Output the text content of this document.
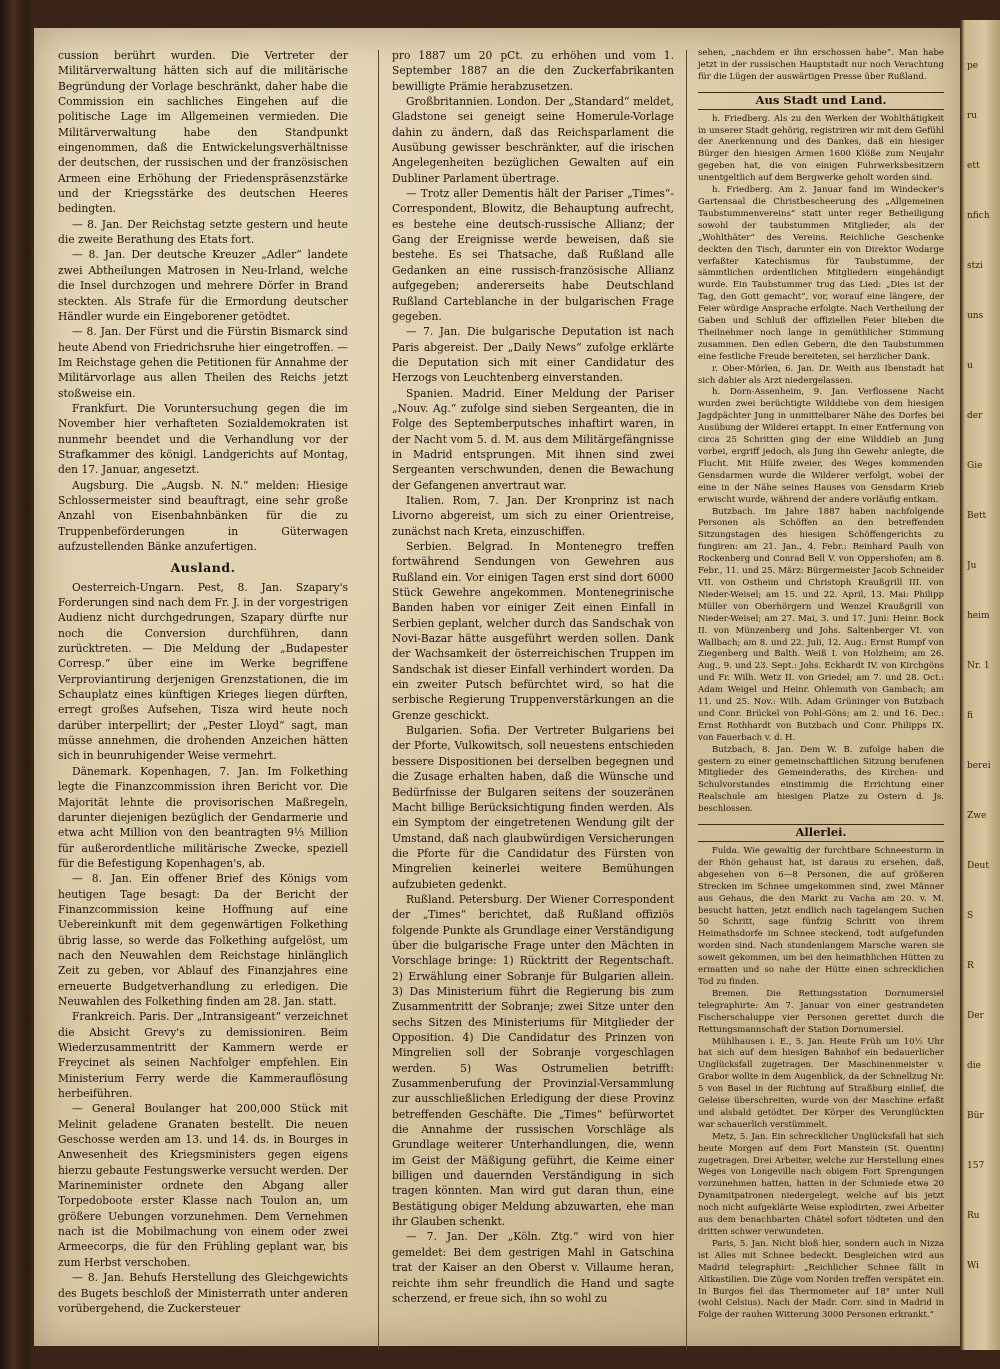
pe
ru
ett
nfich
stzi
uns
u
der
Gie
Bett
Ju
heim
Nr. 1
fi
berei
Zwe
Deut
S
R
Der
die
Bür
157
Ru
Wi

cussion berührt wurden. Die Vertreter der Militärverwaltung hätten sich auf die militärische Begründung der Vorlage beschränkt, daher habe die Commission ein sachliches Eingehen auf die politische Lage im Allgemeinen vermieden. Die Militärverwaltung habe den Standpunkt eingenommen, daß die Entwickelungsverhältnisse der deutschen, der russischen und der französischen Armeen eine Erhöhung der Friedenspräsenzstärke und der Kriegsstärke des deutschen Heeres bedingten.

— 8. Jan. Der Reichstag setzte gestern und heute die zweite Berathung des Etats fort.

— 8. Jan. Der deutsche Kreuzer „Adler“ landete zwei Abtheilungen Matrosen in Neu-Irland, welche die Insel durchzogen und mehrere Dörfer in Brand steckten. Als Strafe für die Ermordung deutscher Händler wurde ein Eingeborener getödtet.

— 8. Jan. Der Fürst und die Fürstin Bismarck sind heute Abend von Friedrichsruhe hier eingetroffen. — Im Reichstage gehen die Petitionen für Annahme der Militärvorlage aus allen Theilen des Reichs jetzt stoßweise ein.

Frankfurt. Die Voruntersuchung gegen die im November hier verhafteten Sozialdemokraten ist nunmehr beendet und die Verhandlung vor der Strafkammer des königl. Landgerichts auf Montag, den 17. Januar, angesetzt.

Augsburg. Die „Augsb. N. N.“ melden: Hiesige Schlossermeister sind beauftragt, eine sehr große Anzahl von Eisenbahnbänken für die zu Truppenbeförderungen in Güterwagen aufzustellenden Bänke anzufertigen.

Ausland.

Oesterreich-Ungarn. Pest, 8. Jan. Szapary's Forderungen sind nach dem Fr. J. in der vorgestrigen Audienz nicht durchgedrungen, Szapary dürfte nur noch die Conversion durchführen, dann zurücktreten. — Die Meldung der „Budapester Corresp.“ über eine im Werke begriffene Verproviantirung derjenigen Grenzstationen, die im Schauplatz eines künftigen Krieges liegen dürften, erregt großes Aufsehen, Tisza wird heute noch darüber interpellirt; der „Pester Lloyd“ sagt, man müsse annehmen, die drohenden Anzeichen hätten sich in beunruhigender Weise vermehrt.

Dänemark. Kopenhagen, 7. Jan. Im Folkething legte die Finanzcommission ihren Bericht vor. Die Majorität lehnte die provisorischen Maßregeln, darunter diejenigen bezüglich der Gendarmerie und etwa acht Million von den beantragten 9⅓ Million für außerordentliche militärische Zwecke, speziell für die Befestigung Kopenhagen's, ab.

— 8. Jan. Ein offener Brief des Königs vom heutigen Tage besagt: Da der Bericht der Finanzcommission keine Hoffnung auf eine Uebereinkunft mit dem gegenwärtigen Folkething übrig lasse, so werde das Folkething aufgelöst, um nach den Neuwahlen dem Reichstage hinlänglich Zeit zu geben, vor Ablauf des Finanzjahres eine erneuerte Budgetverhandlung zu erledigen. Die Neuwahlen des Folkething finden am 28. Jan. statt.

Frankreich. Paris. Der „Intransigeant“ verzeichnet die Absicht Grevy's zu demissioniren. Beim Wiederzusammentritt der Kammern werde er Freycinet als seinen Nachfolger empfehlen. Ein Ministerium Ferry werde die Kammerauflösung herbeiführen.

— General Boulanger hat 200,000 Stück mit Melinit geladene Granaten bestellt. Die neuen Geschosse werden am 13. und 14. ds. in Bourges in Anwesenheit des Kriegsministers gegen eigens hierzu gebaute Festungswerke versucht werden. Der Marineminister ordnete den Abgang aller Torpedoboote erster Klasse nach Toulon an, um größere Uebungen vorzunehmen. Dem Vernehmen nach ist die Mobilmachung von einem oder zwei Armeecorps, die für den Frühling geplant war, bis zum Herbst verschoben.

— 8. Jan. Behufs Herstellung des Gleichgewichts des Bugets beschloß der Ministerrath unter anderen vorübergehend, die Zuckersteuer

pro 1887 um 20 pCt. zu erhöhen und vom 1. September 1887 an die den Zuckerfabrikanten bewilligte Prämie herabzusetzen.

Großbritannien. London. Der „Standard“ meldet, Gladstone sei geneigt seine Homerule-Vorlage dahin zu ändern, daß das Reichsparlament die Ausübung gewisser beschränkter, auf die irischen Angelegenheiten bezüglichen Gewalten auf ein Dubliner Parlament übertrage.

— Trotz aller Dementis hält der Pariser „Times“-Correspondent, Blowitz, die Behauptung aufrecht, es bestehe eine deutsch-russische Allianz; der Gang der Ereignisse werde beweisen, daß sie bestehe. Es sei Thatsache, daß Rußland alle Gedanken an eine russisch-französische Allianz aufgegeben; andererseits habe Deutschland Rußland Carteblanche in der bulgarischen Frage gegeben.

— 7. Jan. Die bulgarische Deputation ist nach Paris abgereist. Der „Daily News“ zufolge erklärte die Deputation sich mit einer Candidatur des Herzogs von Leuchtenberg einverstanden.

Spanien. Madrid. Einer Meldung der Pariser „Nouv. Ag.“ zufolge sind sieben Sergeanten, die in Folge des Septemberputsches inhaftirt waren, in der Nacht vom 5. d. M. aus dem Militärgefängnisse in Madrid entsprungen. Mit ihnen sind zwei Sergeanten verschwunden, denen die Bewachung der Gefangenen anvertraut war.

Italien. Rom, 7. Jan. Der Kronprinz ist nach Livorno abgereist, um sich zu einer Orientreise, zunächst nach Kreta, einzuschiffen.

Serbien. Belgrad. In Montenegro treffen fortwährend Sendungen von Gewehren aus Rußland ein. Vor einigen Tagen erst sind dort 6000 Stück Gewehre angekommen. Montenegrinische Banden haben vor einiger Zeit einen Einfall in Serbien geplant, welcher durch das Sandschak von Novi-Bazar hätte ausgeführt werden sollen. Dank der Wachsamkeit der österreichischen Truppen im Sandschak ist dieser Einfall verhindert worden. Da ein zweiter Putsch befürchtet wird, so hat die serbische Regierung Truppenverstärkungen an die Grenze geschickt.

Bulgarien. Sofia. Der Vertreter Bulgariens bei der Pforte, Vulkowitsch, soll neuestens entschieden bessere Dispositionen bei derselben begegnen und die Zusage erhalten haben, daß die Wünsche und Bedürfnisse der Bulgaren seitens der souzeränen Macht billige Berücksichtigung finden werden. Als ein Symptom der eingetretenen Wendung gilt der Umstand, daß nach glaubwürdigen Versicherungen die Pforte für die Candidatur des Fürsten von Mingrelien keinerlei weitere Bemühungen aufzubieten gedenkt.

Rußland. Petersburg. Der Wiener Correspondent der „Times“ berichtet, daß Rußland offiziös folgende Punkte als Grundlage einer Verständigung über die bulgarische Frage unter den Mächten in Vorschlage bringe: 1) Rücktritt der Regentschaft. 2) Erwählung einer Sobranje für Bulgarien allein. 3) Das Ministerium führt die Regierung bis zum Zusammentritt der Sobranje; zwei Sitze unter den sechs Sitzen des Ministeriums für Mitglieder der Opposition. 4) Die Candidatur des Prinzen von Mingrelien soll der Sobranje vorgeschlagen werden. 5) Was Ostrumelien betrifft: Zusammenberufung der Provinzial-Versammlung zur ausschließlichen Erledigung der diese Provinz betreffenden Geschäfte. Die „Times“ befürwortet die Annahme der russischen Vorschläge als Grundlage weiterer Unterhandlungen, die, wenn im Geist der Mäßigung geführt, die Keime einer billigen und dauernden Verständigung in sich tragen könnten. Man wird gut daran thun, eine Bestätigung obiger Meldung abzuwarten, ehe man ihr Glauben schenkt.

— 7. Jan. Der „Köln. Ztg.“ wird von hier gemeldet: Bei dem gestrigen Mahl in Gatschina trat der Kaiser an den Oberst v. Villaume heran, reichte ihm sehr freundlich die Hand und sagte scherzend, er freue sich, ihn so wohl zu

sehen, „nachdem er ihn erschossen habe“. Man habe jetzt in der russischen Hauptstadt nur noch Verachtung für die Lügen der auswärtigen Presse über Rußland.

Aus Stadt und Land.

h. Friedberg. Als zu den Werken der Wohlthätigkeit in unserer Stadt gehörig, registriren wir mit dem Gefühl der Anerkennung und des Dankes, daß ein hiesiger Bürger den hiesigen Armen 1600 Klöße zum Neujahr gegeben hat, die von einigen Fuhrwerksbesitzern unentgeltlich auf dem Bergwerke geholt worden sind.

h. Friedberg. Am 2. Januar fand im Windecker's Gartensaal die Christbescheerung des „Allgemeinen Taubstummenvereins“ statt unter reger Betheiligung sowohl der taubstummen Mitglieder, als der „Wohlthäter“ des Vereins. Reichliche Geschenke deckten den Tisch, darunter ein von Direktor Wodarge verfaßter Katechismus für Taubstumme, der sämmtlichen ordentlichen Mitgliedern eingehändigt wurde. Ein Taubstummer trug das Lied: „Dies ist der Tag, den Gott gemacht“, vor, worauf eine längere, der Feier würdige Ansprache erfolgte. Nach Vertheilung der Gaben und Schluß der offiziellen Feier blieben die Theilnehmer noch lange in gemüthlicher Stimmung zusammen. Den edlen Gebern, die den Taubstummen eine festliche Freude bereiteten, sei herzlicher Dank.

r. Ober-Mörlen, 6. Jan. Dr. Weith aus Ibenstadt hat sich dahier als Arzt niedergelassen.

h. Dorn-Assenheim, 9. Jan. Verflossene Nacht wurden zwei berüchtigte Wilddiebe von dem hiesigen Jagdpächter Jung in unmittelbarer Nähe des Dorfes bei Ausübung der Wilderei ertappt. In einer Entfernung von circa 25 Schritten ging der eine Wilddieb an Jung vorbei, ergriff jedoch, als Jung ihn Gewehr anlegte, die Flucht. Mit Hülfe zweier, des Weges kommenden Gensdarmen wurde die Wilderer verfolgt, wobei der eine in der Nähe seines Hauses von Gensdarm Krieb erwischt wurde, während der andere vorläufig entkam.

Butzbach. Im Jahre 1887 haben nachfolgende Personen als Schöffen an den betreffenden Sitzungstagen des hiesigen Schöffengerichts zu fungiren: am 21. Jan., 4. Febr.: Reinhard Paulh von Rockenberg und Conrad Bell V. von Oppershofen; am 8. Febr., 11. und 25. März: Bürgermeister Jacob Schneider VII. von Ostheim und Christoph Kraußgrill III. von Nieder-Weisel; am 15. und 22. April, 13. Mai: Philipp Müller von Oberhörgern und Wenzel Kraußgrill von Nieder-Weisel; am 27. Mai, 3. und 17. Juni: Heinr. Bock II. von Münzenberg und Johs. Saltenberger VI. von Wallbach; am 8. und 22. Juli, 12. Aug.: Ernst Rumpf von Ziegenberg und Balth. Weiß I. von Holzheim; am 26. Aug., 9. und 23. Sept.: Johs. Eckhardt IV. von Kirchgöns und Fr. Wilh. Wetz II. von Griedel; am 7. und 28. Oct.: Adam Weigel und Heinr. Ohlemuth von Gambach; am 11. und 25. Nov.: Wilh. Adam Grüninger von Butzbach und Conr. Brückel von Pohl-Göns; am 2. und 16. Dec.: Ernst Rothhardt von Butzbach und Conr. Philipps IX. von Fauerbach v. d. H.

Butzbach, 8. Jan. Dem W. B. zufolge haben die gestern zu einer gemeinschaftlichen Sitzung berufenen Mitglieder des Gemeinderaths, des Kirchen- und Schulvorstandes einstimmig die Errichtung einer Realschule am hiesigen Platze zu Ostern d. Js. beschlossen.

Allerlei.

Fulda. Wie gewaltig der furchtbare Schneesturm in der Rhön gehaust hat, ist daraus zu ersehen, daß, abgesehen von 6—8 Personen, die auf größeren Strecken im Schnee umgekommen sind, zwei Männer aus Gehaus, die den Markt zu Vacha am 20. v. M. besucht hatten, jetzt endlich nach tagelangem Suchen 50 Schritt, sage fünfzig Schritt von ihrem Heimathsdorfe im Schnee steckend, todt aufgefunden worden sind. Nach stundenlangem Marsche waren sie soweit gekommen, um bei den heimathlichen Hütten zu ermatten und so nahe der Hütte einen schrecklichen Tod zu finden.

Bremen. Die Rettungsstation Dornumersiel telegraphirte: Am 7. Januar von einer gestrandeten Fischerschaluppe vier Personen gerettet durch die Rettungsmannschaft der Station Dornumersiel.

Mühlhausen i. E., 5. Jan. Heute Früh um 10½ Uhr hat sich auf dem hiesigen Bahnhof ein bedauerlicher Unglücksfall zugetragen. Der Maschinenmeister v. Grabor wollte in dem Augenblick, da der Schnellzug Nr. 5 von Basel in der Richtung auf Straßburg einlief, die Geleise überschreiten, wurde von der Maschine erfaßt und alsbald getödtet. Der Körper des Verunglückten war schauerlich verstümmelt.

Metz, 5. Jan. Ein schrecklicher Unglücksfall hat sich heute Morgen auf dem Fort Manstein (St. Quentin) zugetragen. Drei Arbeiter, welche zur Herstellung eines Weges von Longeville nach obigem Fort Sprengungen vorzunehmen hatten, hatten in der Schmiede etwa 20 Dynamitpatronen niedergelegt, welche auf bis jetzt noch nicht aufgeklärte Weise explodirten, zwei Arbeiter aus dem benachbarten Châtel sofort tödteten und den dritten schwer verwundeten.

Paris, 5. Jan. Nicht bloß hier, sondern auch in Nizza ist Alles mit Schnee bedeckt. Desgleichen wird aus Madrid telegraphirt: „Reichlicher Schnee fällt in Altkastilien. Die Züge vom Norden treffen verspätet ein. In Burgos fiel das Thermometer auf 18° unter Null (wohl Celsius). Nach der Madr. Corr. sind in Madrid in Folge der rauhen Witterung 3000 Personen erkrankt.“
